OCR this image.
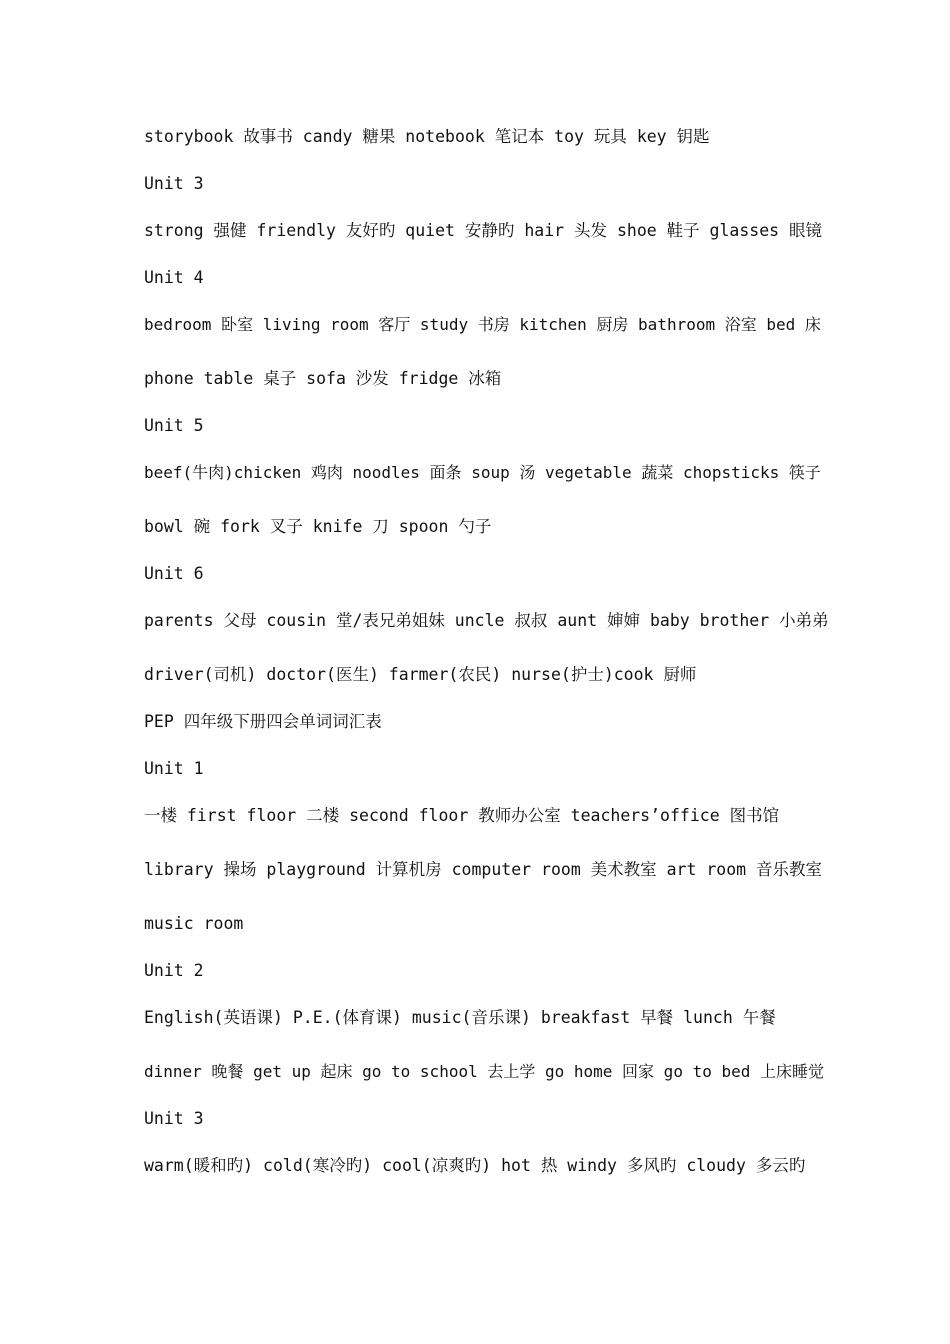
storybook 故事书 candy 糖果 notebook 笔记本 toy 玩具 key 钥匙
Unit 3
strong 强健 friendly 友好旳 quiet 安静旳 hair 头发 shoe 鞋子 glasses 眼镜
Unit 4
bedroom 卧室 living room 客厅 study 书房 kitchen 厨房 bathroom 浴室 bed 床
phone table 桌子 sofa 沙发 fridge 冰箱
Unit 5
beef(牛肉)chicken 鸡肉 noodles 面条 soup 汤 vegetable 蔬菜 chopsticks 筷子
bowl 碗 fork 叉子 knife 刀 spoon 勺子
Unit 6
parents 父母 cousin 堂/表兄弟姐妹 uncle 叔叔 aunt 婶婶 baby brother 小弟弟
driver(司机) doctor(医生) farmer(农民) nurse(护士)cook 厨师
PEP 四年级下册四会单词词汇表
Unit 1
一楼 first floor 二楼 second floor 教师办公室 teachers’office 图书馆
library 操场 playground 计算机房 computer room 美术教室 art room 音乐教室
music room
Unit 2
English(英语课) P.E.(体育课) music(音乐课) breakfast 早餐 lunch 午餐
dinner 晚餐 get up 起床 go to school 去上学 go home 回家 go to bed 上床睡觉
Unit 3
warm(暖和旳) cold(寒冷旳) cool(凉爽旳) hot 热 windy 多风旳 cloudy 多云旳
